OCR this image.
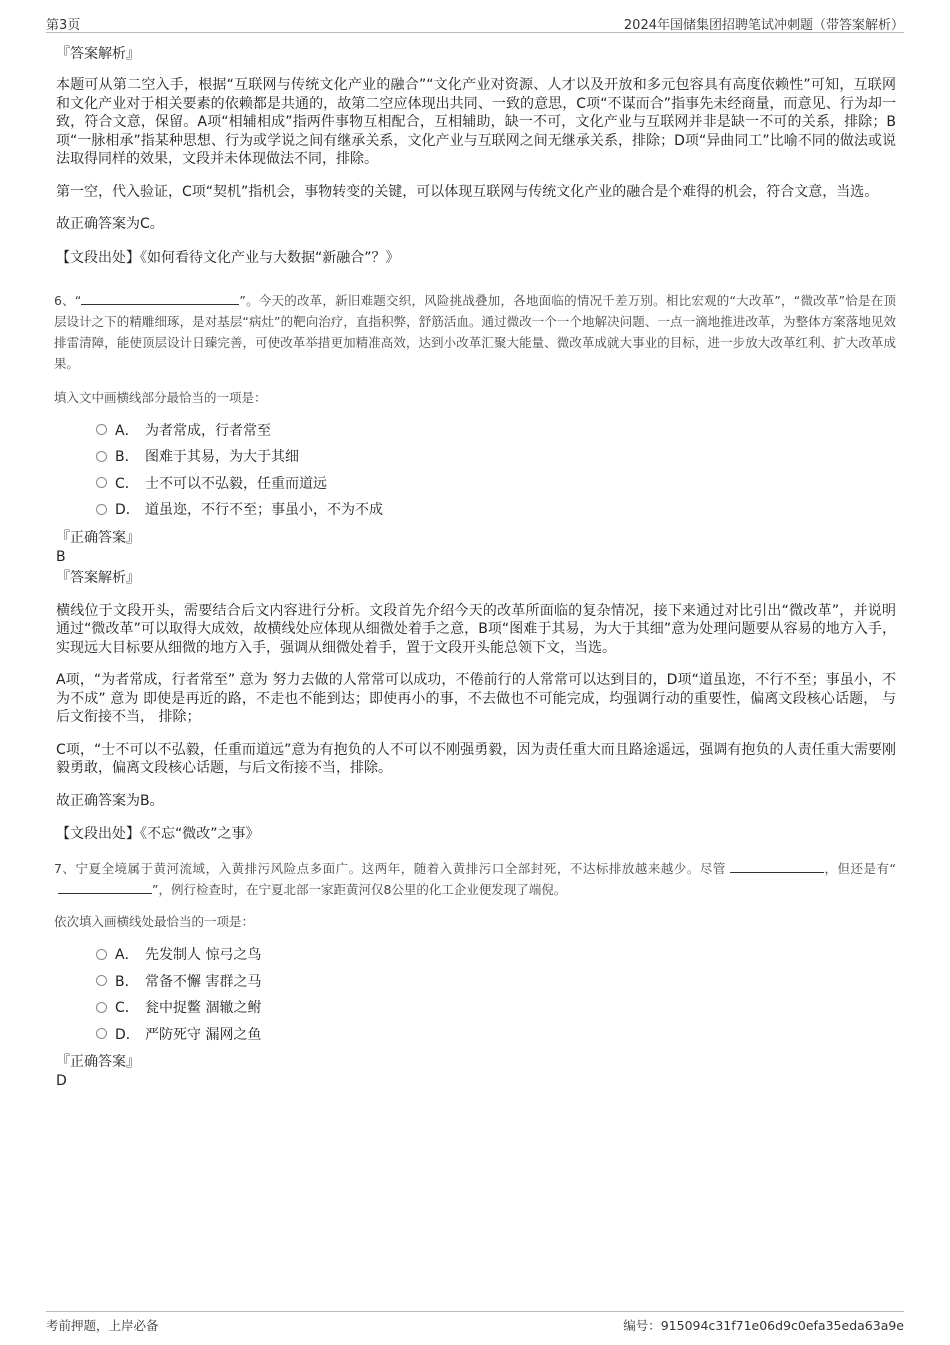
第3页	2024年国储集团招聘笔试冲刺题（带答案解析）
『答案解析』

本题可从第二空入手，根据“互联网与传统文化产业的融合”“文化产业对资源、人才以及开放和多元包容具有高度依赖性”可知，互联网和文化产业对于相关要素的依赖都是共通的，故第二空应体现出共同、一致的意思，C项“不谋而合”指事先未经商量，而意见、行为却一致，符合文意，保留。A项“相辅相成”指两件事物互相配合，互相辅助，缺一不可，文化产业与互联网并非是缺一不可的关系，排除；B项“一脉相承”指某种思想、行为或学说之间有继承关系，文化产业与互联网之间无继承关系，排除；D项“异曲同工”比喻不同的做法或说法取得同样的效果，文段并未体现做法不同，排除。

第一空，代入验证，C项“契机”指机会，事物转变的关键，可以体现互联网与传统文化产业的融合是个难得的机会，符合文意，当选。

故正确答案为C。

【文段出处】《如何看待文化产业与大数据“新融合”？》
6、“	”。今天的改革，新旧难题交织，风险挑战叠加，各地面临的情况千差万别。相比宏观的“大改革”，“微改革”恰是在顶层设计之下的精雕细琢，是对基层“病灶”的靶向治疗，直指积弊，舒筋活血。通过微改一个一个地解决问题、一点一滴地推进改革，为整体方案落地见效排雷清障，能使顶层设计日臻完善，可使改革举措更加精准高效，达到小改革汇聚大能量、微改革成就大事业的目标，进一步放大改革红利、扩大改革成果。
填入文中画横线部分最恰当的一项是：
A． 为者常成，行者常至
B． 图难于其易，为大于其细
C． 士不可以不弘毅，任重而道远
D． 道虽迩，不行不至；事虽小，不为不成
『正确答案』
B
『答案解析』

横线位于文段开头，需要结合后文内容进行分析。文段首先介绍今天的改革所面临的复杂情况，接下来通过对比引出“微改革”，并说明通过“微改革”可以取得大成效，故横线处应体现从细微处着手之意，B项“图难于其易，为大于其细”意为处理问题要从容易的地方入手，实现远大目标要从细微的地方入手，强调从细微处着手，置于文段开头能总领下文，当选。

A项，“为者常成，行者常至” 意为 努力去做的人常常可以成功，不倦前行的人常常可以达到目的，D项“道虽迩，不行不至；事虽小，不为不成” 意为 即使是再近的路，不走也不能到达；即使再小的事，不去做也不可能完成，均强调行动的重要性，偏离文段核心话题， 与后文衔接不当， 排除；

C项，“士不可以不弘毅，任重而道远”意为有抱负的人不可以不刚强勇毅，因为责任重大而且路途遥远，强调有抱负的人责任重大需要刚毅勇敢，偏离文段核心话题，与后文衔接不当，排除。

故正确答案为B。

【文段出处】《不忘“微改”之事》
7、宁夏全境属于黄河流域，入黄排污风险点多面广。这两年，随着入黄排污口全部封死，不达标排放越来越少。尽管	，但还是有“”，例行检查时，在宁夏北部一家距黄河仅8公里的化工企业便发现了端倪。
依次填入画横线处最恰当的一项是：
A． 先发制人 惊弓之鸟
B． 常备不懈 害群之马
C． 瓮中捉鳖 涸辙之鲋
D． 严防死守 漏网之鱼
『正确答案』
D
考前押题，上岸必备	编号：915094c31f71e06d9c0efa35eda63a9e
